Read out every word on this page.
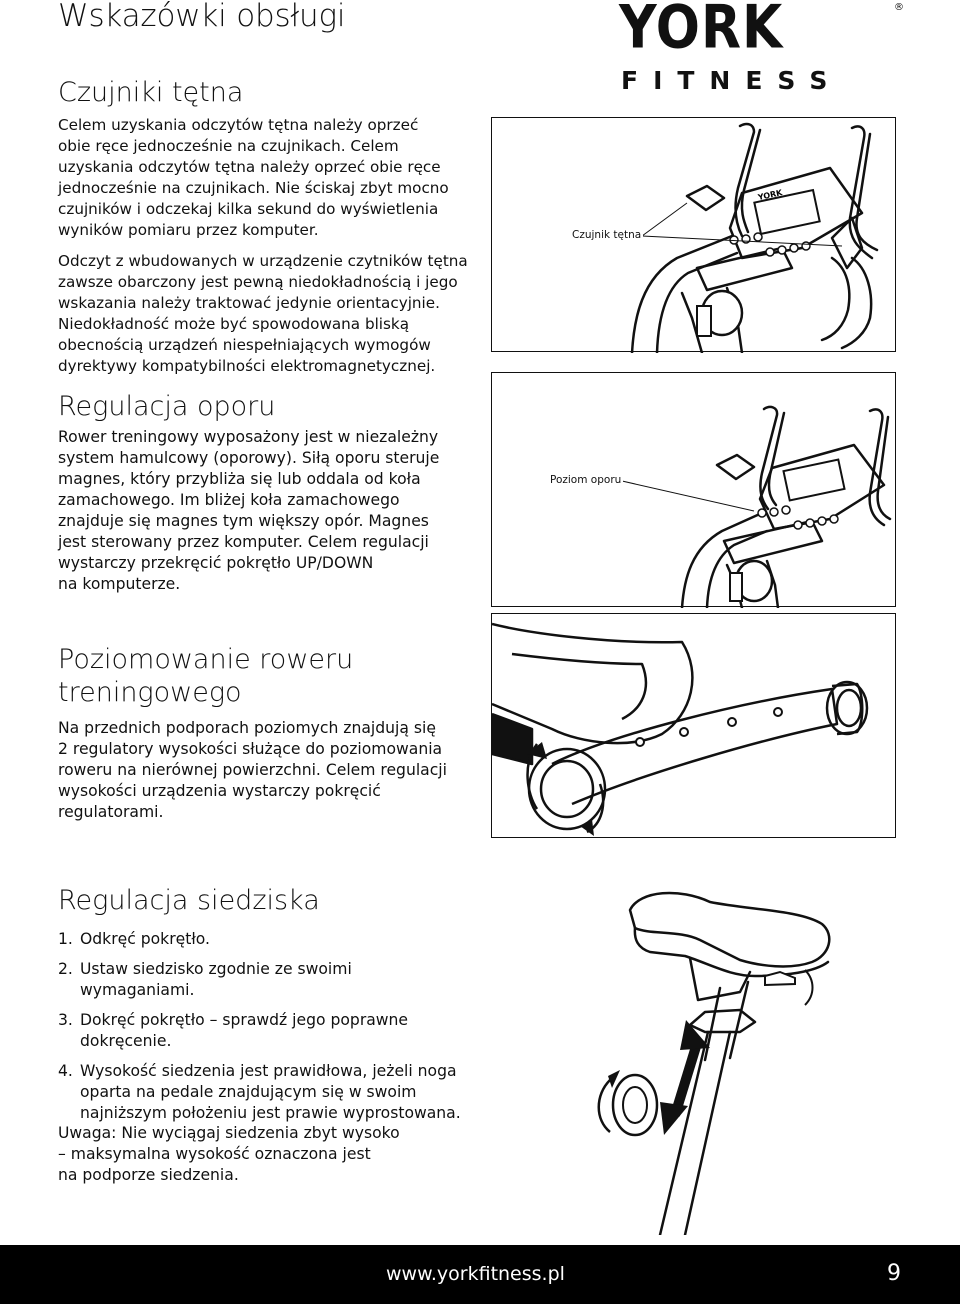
Wskazówki obsługi	YORK	®
FITNESS
Czujniki tętna
Celem uzyskania odczytów tętna należy oprzeć
obie ręce jednocześnie na czujnikach. Celem
uzyskania odczytów tętna należy oprzeć obie ręce
jednocześnie na czujnikach. Nie ściskaj zbyt mocno
czujników i odczekaj kilka sekund do wyświetlenia
wyników pomiaru przez komputer.
Odczyt z wbudowanych w urządzenie czytników tętna
zawsze obarczony jest pewną niedokładnością i jego
wskazania należy traktować jedynie orientacyjnie.
Niedokładność może być spowodowana bliską
obecnością urządzeń niespełniających wymogów
dyrektywy kompatybilności elektromagnetycznej.
YORK
Czujnik tętna
Regulacja oporu
Rower treningowy wyposażony jest w niezależny
system hamulcowy (oporowy). Siłą oporu steruje
magnes, który przybliża się lub oddala od koła
zamachowego. Im bliżej koła zamachowego
znajduje się magnes tym większy opór. Magnes
jest sterowany przez komputer. Celem regulacji
wystarczy przekręcić pokrętło UP/DOWN
na komputerze.
Poziom oporu
Poziomowanie roweru
treningowego
Na przednich podporach poziomych znajdują się
2 regulatory wysokości służące do poziomowania
roweru na nierównej powierzchni. Celem regulacji
wysokości urządzenia wystarczy pokręcić
regulatorami.
Regulacja siedziska
1. Odkręć pokrętło.
2. Ustaw siedzisko zgodnie ze swoimi
wymaganiami.
3. Dokręć pokrętło – sprawdź jego poprawne
dokręcenie.
4. Wysokość siedzenia jest prawidłowa, jeżeli noga
oparta na pedale znajdującym się w swoim
najniższym położeniu jest prawie wyprostowana.
Uwaga: Nie wyciągaj siedzenia zbyt wysoko
– maksymalna wysokość oznaczona jest
na podporze siedzenia.
www.yorkfitness.pl	9
